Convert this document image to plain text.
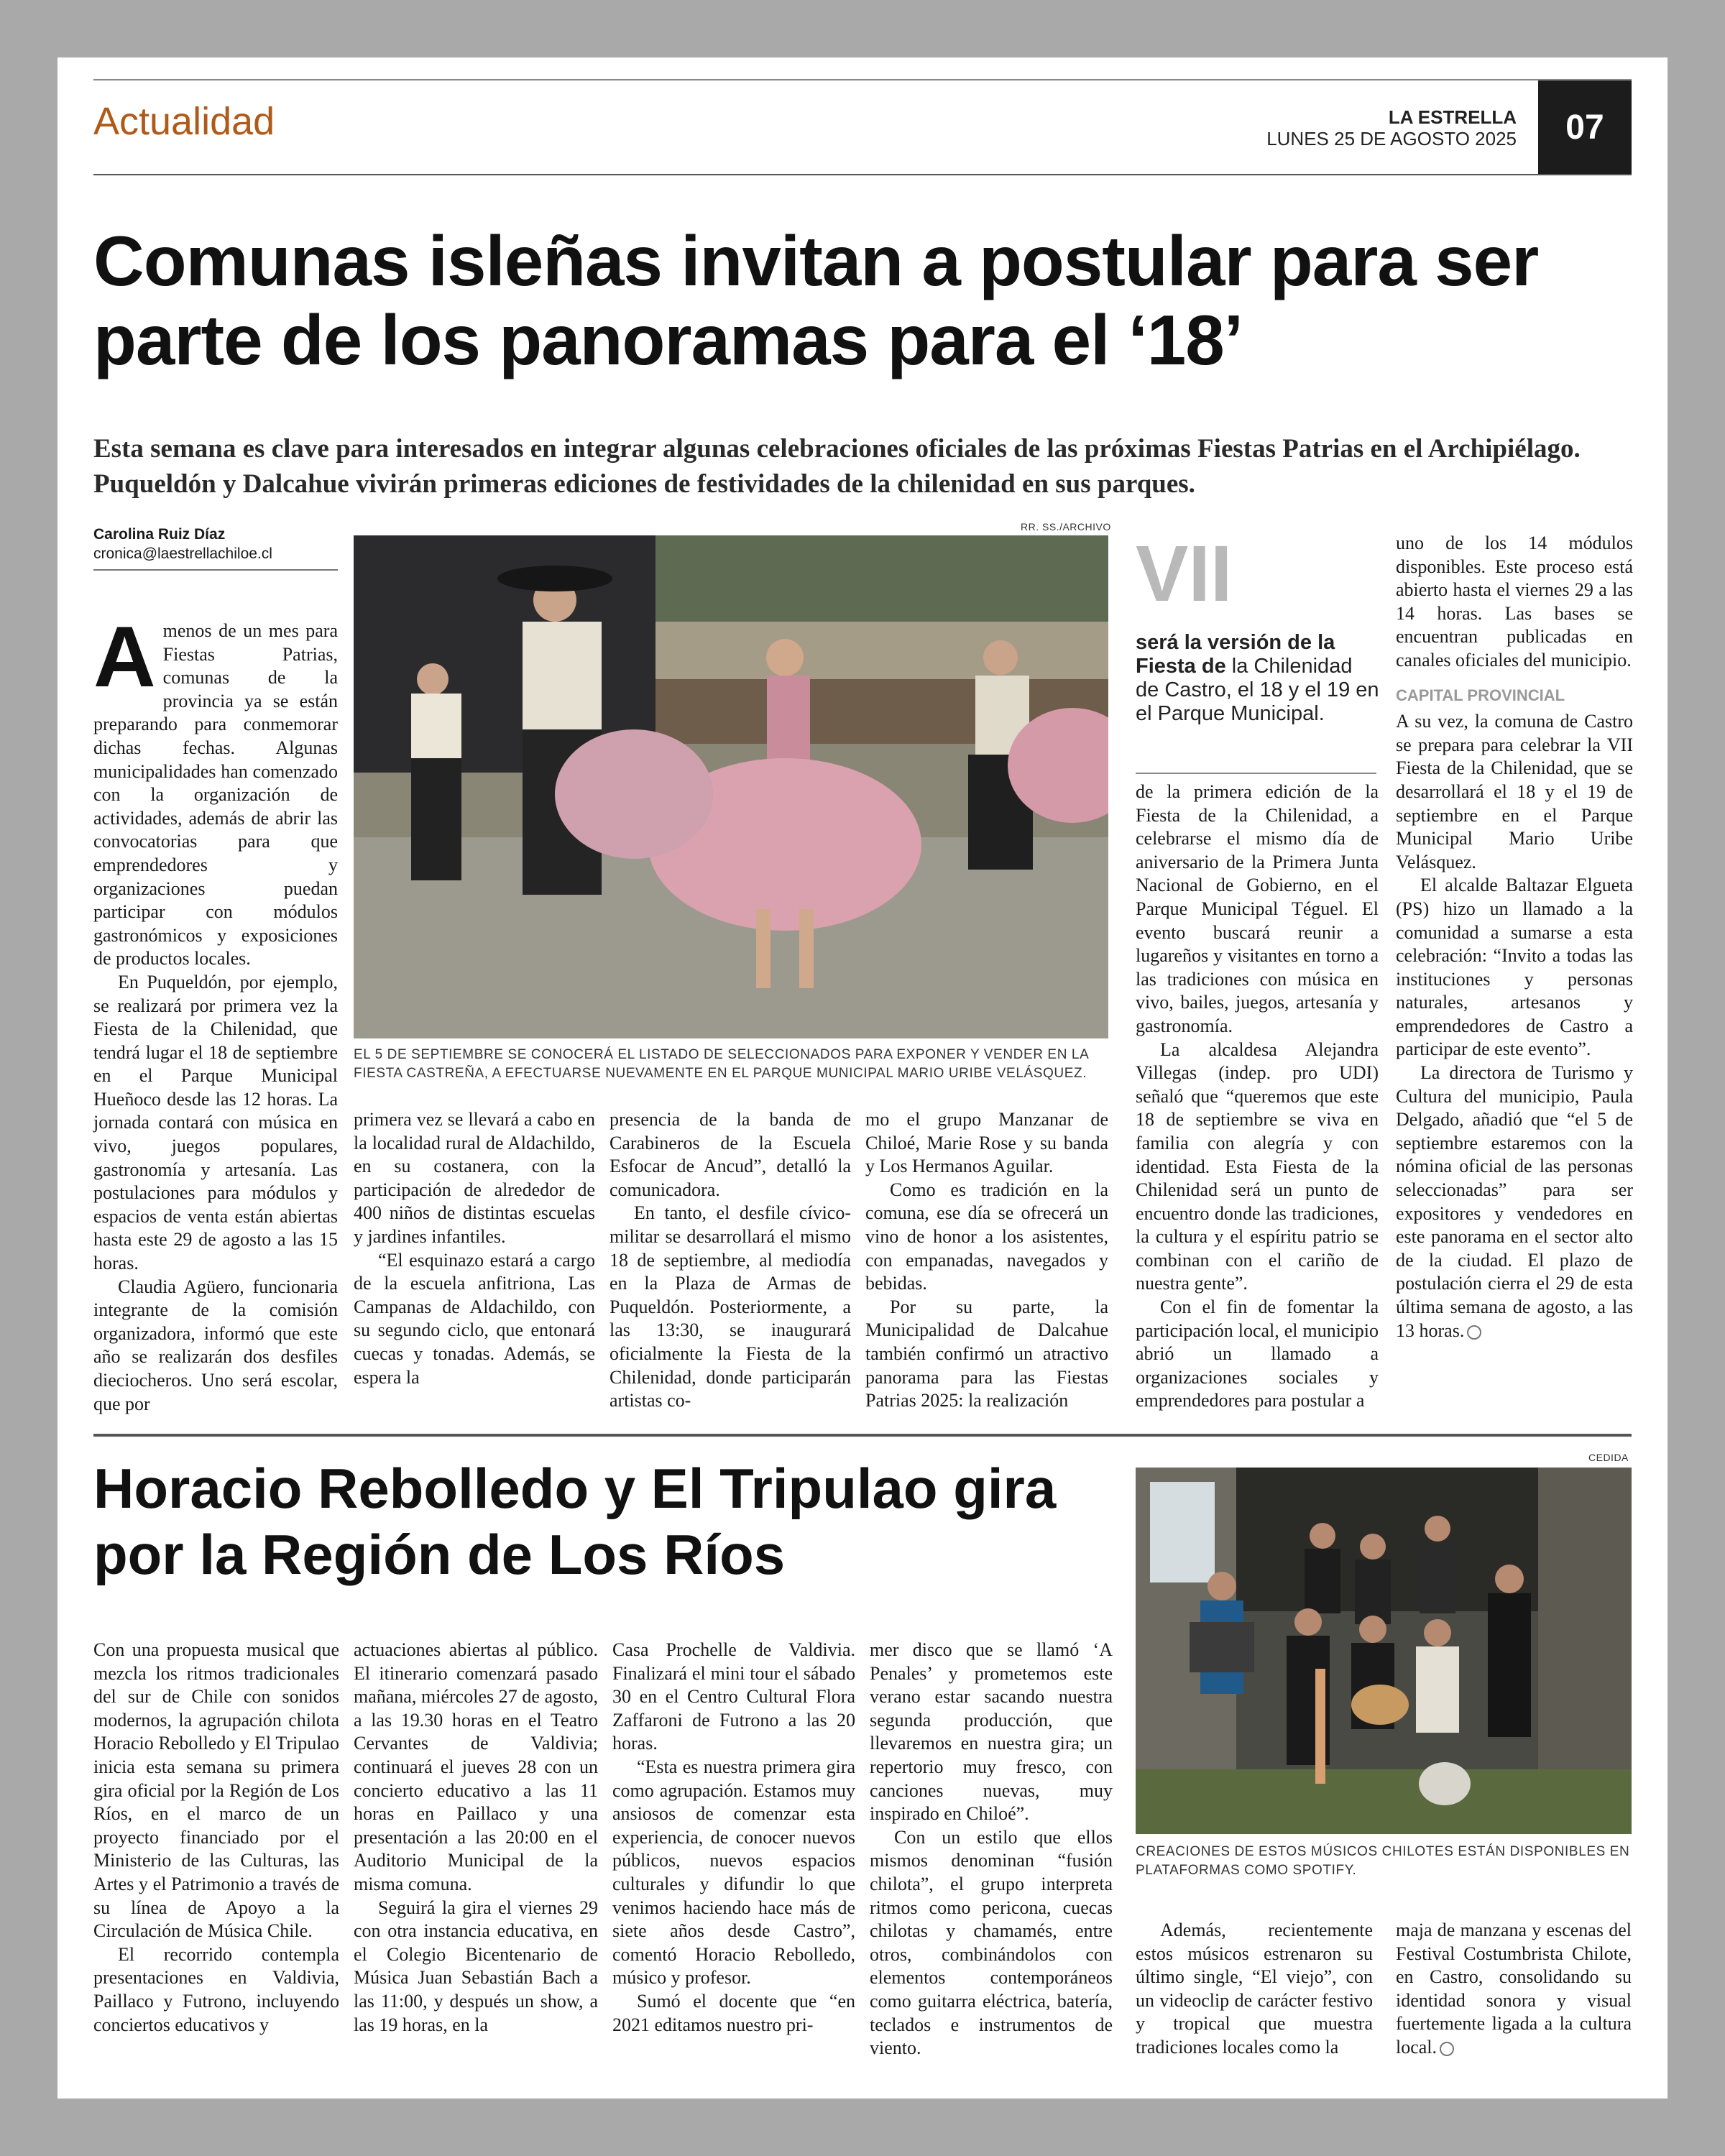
Actualidad	LA ESTRELLA
LUNES 25 DE AGOSTO 2025	07
Comunas isleñas invitan a postular para ser parte de los panoramas para el ‘18’
Esta semana es clave para interesados en integrar algunas celebraciones oficiales de las próximas Fiestas Patrias en el Archipiélago. Puqueldón y Dalcahue vivirán primeras ediciones de festividades de la chilenidad en sus parques.
Carolina Ruiz Díaz
cronica@laestrellachiloe.cl

Amenos de un mes para Fiestas Patrias, comunas de la provincia ya se están preparando para conmemorar dichas fechas. Algunas municipalidades han comenzado con la organización de actividades, además de abrir las convocatorias para que emprendedores y organizaciones puedan participar con módulos gastronómicos y exposiciones de productos locales.

En Puqueldón, por ejemplo, se realizará por primera vez la Fiesta de la Chilenidad, que tendrá lugar el 18 de septiembre en el Parque Municipal Hueñoco desde las 12 horas. La jornada contará con música en vivo, juegos populares, gastronomía y artesanía. Las postulaciones para módulos y espacios de venta están abiertas hasta este 29 de agosto a las 15 horas.

Claudia Agüero, funcionaria integrante de la comisión organizadora, informó que este año se realizarán dos desfiles dieciocheros. Uno será escolar, que por

RR. SS./ARCHIVO
EL 5 DE SEPTIEMBRE SE CONOCERÁ EL LISTADO DE SELECCIONADOS PARA EXPONER Y VENDER EN LA FIESTA CASTREÑA, A EFECTUARSE NUEVAMENTE EN EL PARQUE MUNICIPAL MARIO URIBE VELÁSQUEZ.

primera vez se llevará a cabo en la localidad rural de Aldachildo, en su costanera, con la participación de alrededor de 400 niños de distintas escuelas y jardines infantiles.

“El esquinazo estará a cargo de la escuela anfitriona, Las Campanas de Aldachildo, con su segundo ciclo, que entonará cuecas y tonadas. Además, se espera la

presencia de la banda de Carabineros de la Escuela Esfocar de Ancud”, detalló la comunicadora.

En tanto, el desfile cívico-militar se desarrollará el mismo 18 de septiembre, al mediodía en la Plaza de Armas de Puqueldón. Posteriormente, a las 13:30, se inaugurará oficialmente la Fiesta de la Chilenidad, donde participarán artistas co-

mo el grupo Manzanar de Chiloé, Marie Rose y su banda y Los Hermanos Aguilar.

Como es tradición en la comuna, ese día se ofrecerá un vino de honor a los asistentes, con empanadas, navegados y bebidas.

Por su parte, la Municipalidad de Dalcahue también confirmó un atractivo panorama para las Fiestas Patrias 2025: la realización

VII
será la versión de la Fiesta de la Chilenidad de Castro, el 18 y el 19 en el Parque Municipal.

de la primera edición de la Fiesta de la Chilenidad, a celebrarse el mismo día de aniversario de la Primera Junta Nacional de Gobierno, en el Parque Municipal Téguel. El evento buscará reunir a lugareños y visitantes en torno a las tradiciones con música en vivo, bailes, juegos, artesanía y gastronomía.

La alcaldesa Alejandra Villegas (indep. pro UDI) señaló que “queremos que este 18 de septiembre se viva en familia con alegría y con identidad. Esta Fiesta de la Chilenidad será un punto de encuentro donde las tradiciones, la cultura y el espíritu patrio se combinan con el cariño de nuestra gente”.

Con el fin de fomentar la participación local, el municipio abrió un llamado a organizaciones sociales y emprendedores para postular a

uno de los 14 módulos disponibles. Este proceso está abierto hasta el viernes 29 a las 14 horas. Las bases se encuentran publicadas en canales oficiales del municipio.

CAPITAL PROVINCIAL

A su vez, la comuna de Castro se prepara para celebrar la VII Fiesta de la Chilenidad, que se desarrollará el 18 y el 19 de septiembre en el Parque Municipal Mario Uribe Velásquez.

El alcalde Baltazar Elgueta (PS) hizo un llamado a la comunidad a sumarse a esta celebración: “Invito a todas las instituciones y personas naturales, artesanos y emprendedores de Castro a participar de este evento”.

La directora de Turismo y Cultura del municipio, Paula Delgado, añadió que “el 5 de septiembre estaremos con la nómina oficial de las personas seleccionadas” para ser expositores y vendedores en este panorama en el sector alto de la ciudad. El plazo de postulación cierra el 29 de esta última semana de agosto, a las 13 horas.

Horacio Rebolledo y El Tripulao gira por la Región de Los Ríos
CEDIDA
CREACIONES DE ESTOS MÚSICOS CHILOTES ESTÁN DISPONIBLES EN PLATAFORMAS COMO SPOTIFY.

Con una propuesta musical que mezcla los ritmos tradicionales del sur de Chile con sonidos modernos, la agrupación chilota Horacio Rebolledo y El Tripulao inicia esta semana su primera gira oficial por la Región de Los Ríos, en el marco de un proyecto financiado por el Ministerio de las Culturas, las Artes y el Patrimonio a través de su línea de Apoyo a la Circulación de Música Chile.

El recorrido contempla presentaciones en Valdivia, Paillaco y Futrono, incluyendo conciertos educativos y

actuaciones abiertas al público. El itinerario comenzará pasado mañana, miércoles 27 de agosto, a las 19.30 horas en el Teatro Cervantes de Valdivia; continuará el jueves 28 con un concierto educativo a las 11 horas en Paillaco y una presentación a las 20:00 en el Auditorio Municipal de la misma comuna.

Seguirá la gira el viernes 29 con otra instancia educativa, en el Colegio Bicentenario de Música Juan Sebastián Bach a las 11:00, y después un show, a las 19 horas, en la

Casa Prochelle de Valdivia. Finalizará el mini tour el sábado 30 en el Centro Cultural Flora Zaffaroni de Futrono a las 20 horas.

“Esta es nuestra primera gira como agrupación. Estamos muy ansiosos de comenzar esta experiencia, de conocer nuevos públicos, nuevos espacios culturales y difundir lo que venimos haciendo hace más de siete años desde Castro”, comentó Horacio Rebolledo, músico y profesor.

Sumó el docente que “en 2021 editamos nuestro pri-

mer disco que se llamó ‘A Penales’ y prometemos este verano estar sacando nuestra segunda producción, que llevaremos en nuestra gira; un repertorio muy fresco, con canciones nuevas, muy inspirado en Chiloé”.

Con un estilo que ellos mismos denominan “fusión chilota”, el grupo interpreta ritmos como pericona, cuecas chilotas y chamamés, entre otros, combinándolos con elementos contemporáneos como guitarra eléctrica, batería, teclados e instrumentos de viento.

Además, recientemente estos músicos estrenaron su último single, “El viejo”, con un videoclip de carácter festivo y tropical que muestra tradiciones locales como la

maja de manzana y escenas del Festival Costumbrista Chilote, en Castro, consolidando su identidad sonora y visual fuertemente ligada a la cultura local.
